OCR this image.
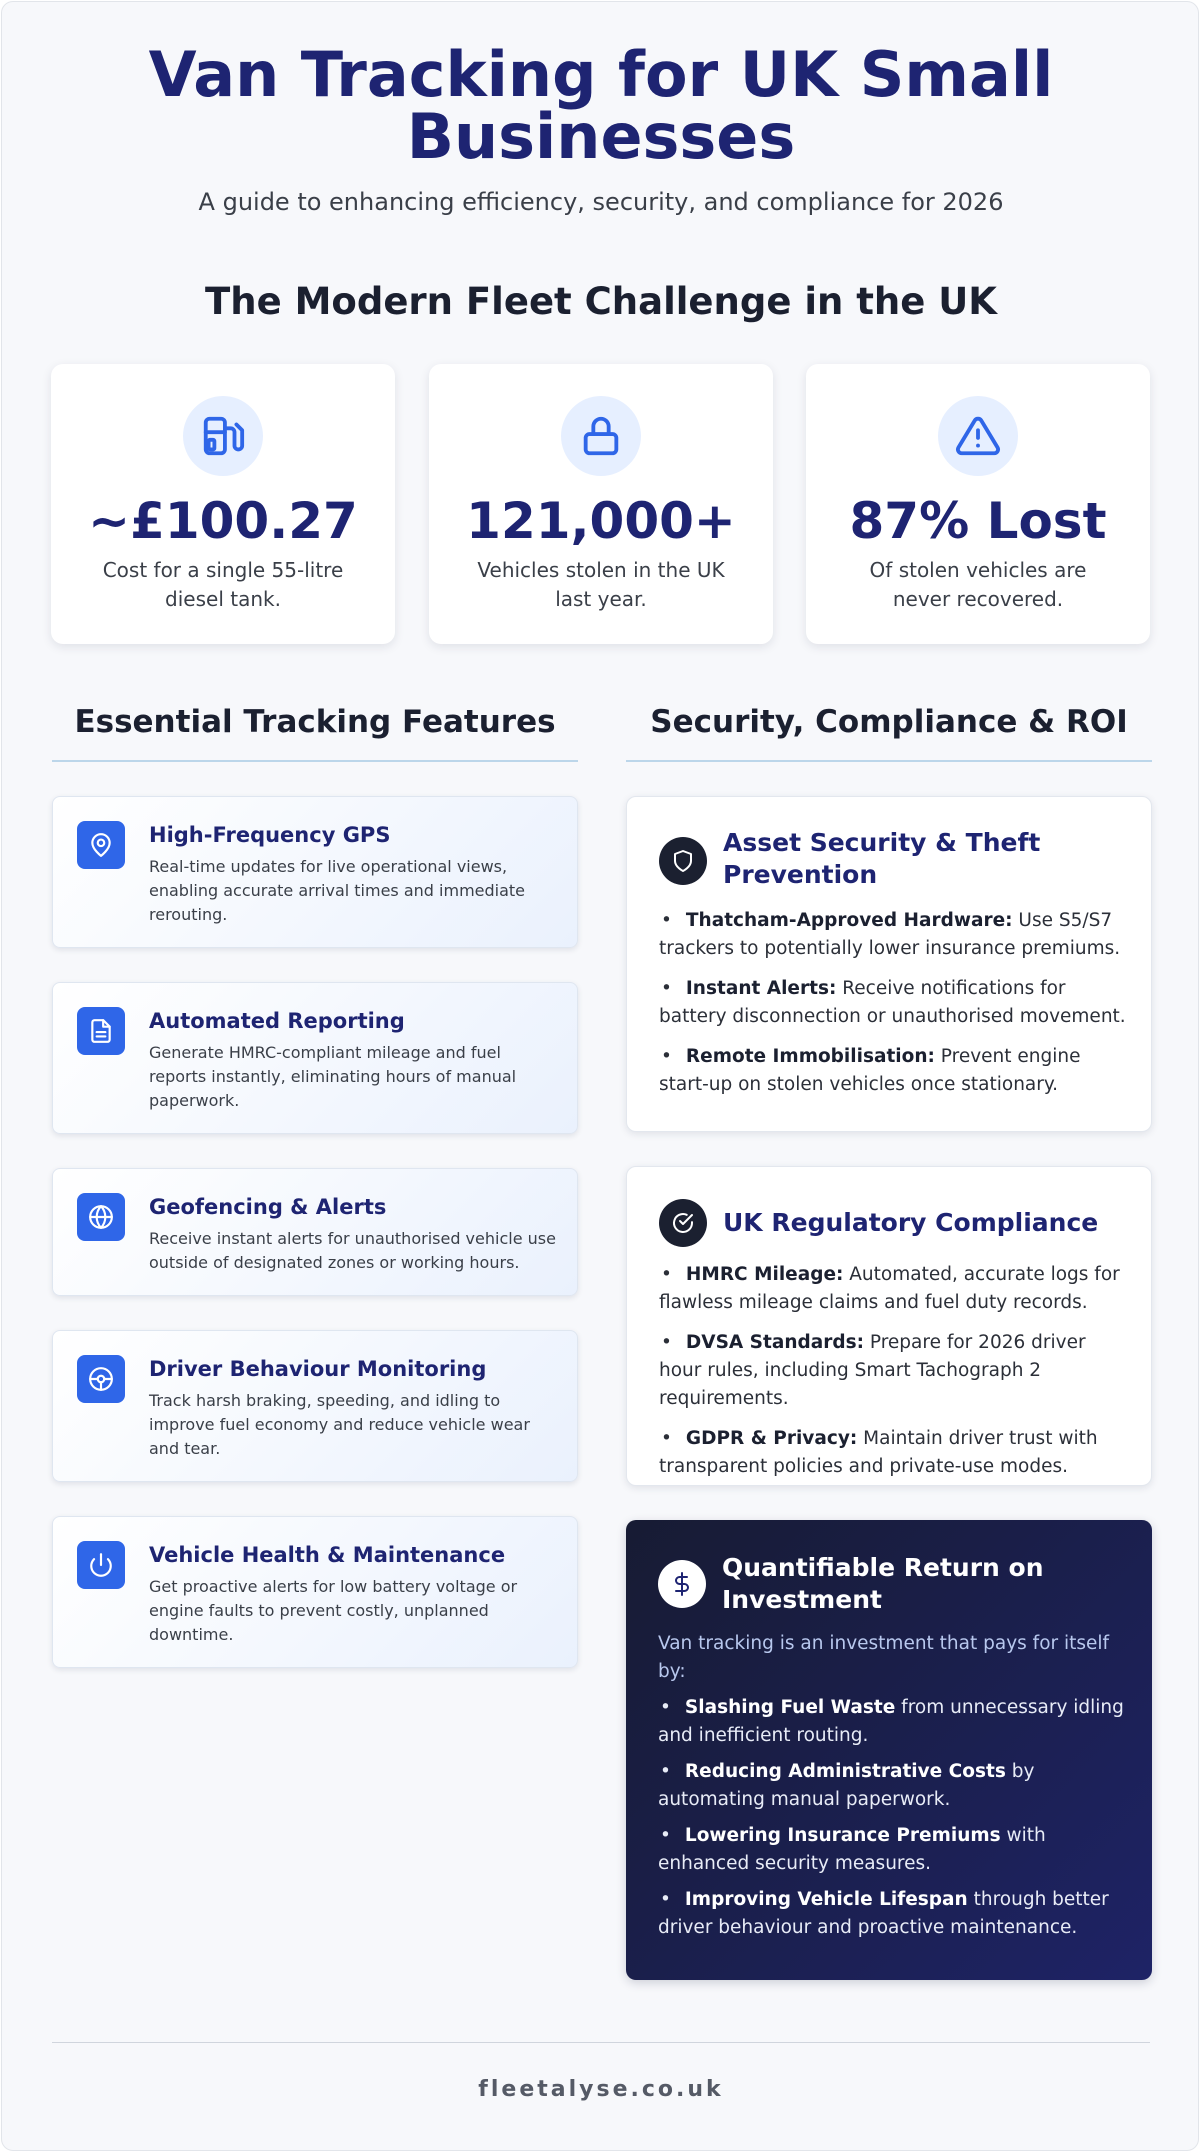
Van Tracking for UK Small
Businesses
A guide to enhancing efficiency, security, and compliance for 2026
The Modern Fleet Challenge in the UK
~£100.27
Cost for a single 55-litre diesel tank.
121,000+
Vehicles stolen in the UK last year.
87% Lost
Of stolen vehicles are never recovered.
Essential Tracking Features	Security, Compliance & ROI
High-Frequency GPS
Real-time updates for live operational views, enabling accurate arrival times and immediate rerouting.
Automated Reporting
Generate HMRC-compliant mileage and fuel reports instantly, eliminating hours of manual paperwork.
Geofencing & Alerts
Receive instant alerts for unauthorised vehicle use outside of designated zones or working hours.
Driver Behaviour Monitoring
Track harsh braking, speeding, and idling to improve fuel economy and reduce vehicle wear and tear.
Vehicle Health & Maintenance
Get proactive alerts for low battery voltage or engine faults to prevent costly, unplanned downtime.
Asset Security & Theft Prevention
• Thatcham-Approved Hardware: Use S5/S7 trackers to potentially lower insurance premiums.
• Instant Alerts: Receive notifications for battery disconnection or unauthorised movement.
• Remote Immobilisation: Prevent engine start-up on stolen vehicles once stationary.
UK Regulatory Compliance
• HMRC Mileage: Automated, accurate logs for flawless mileage claims and fuel duty records.
• DVSA Standards: Prepare for 2026 driver hour rules, including Smart Tachograph 2 requirements.
• GDPR & Privacy: Maintain driver trust with transparent policies and private-use modes.
Quantifiable Return on Investment
Van tracking is an investment that pays for itself by:
• Slashing Fuel Waste from unnecessary idling and inefficient routing.
• Reducing Administrative Costs by automating manual paperwork.
• Lowering Insurance Premiums with enhanced security measures.
• Improving Vehicle Lifespan through better driver behaviour and proactive maintenance.
fleetalyse.co.uk
